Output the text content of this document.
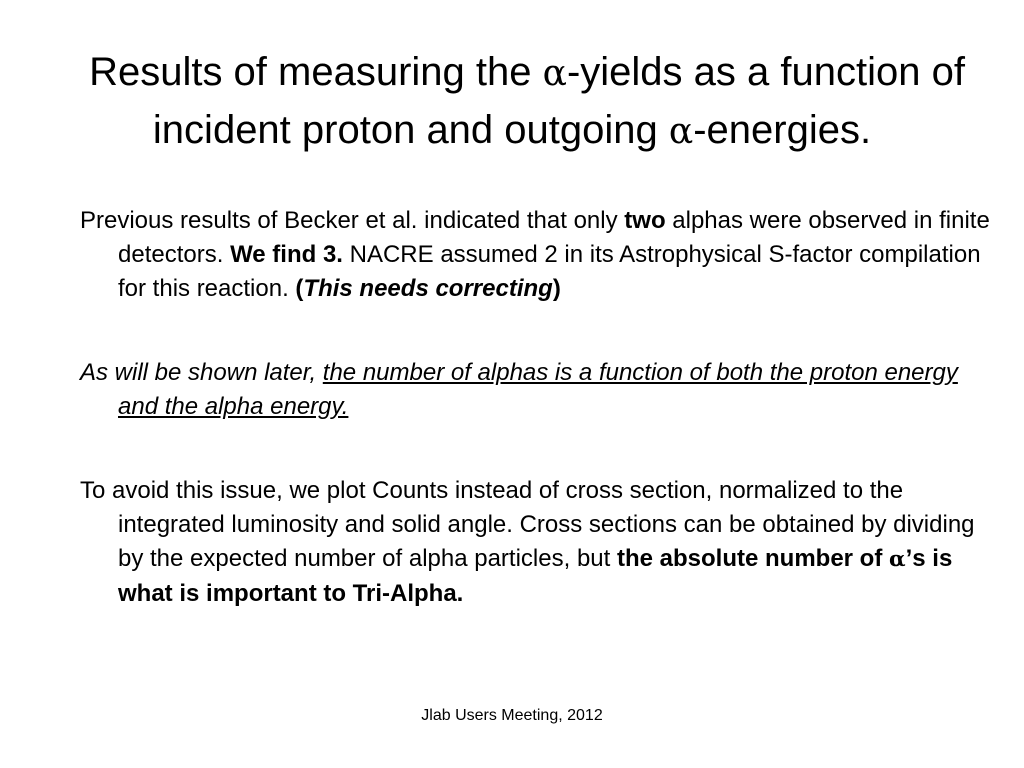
Results of measuring the α-yields as a function of
incident proton and outgoing α-energies.

Previous results of Becker et al. indicated that only two alphas were observed in finite detectors. We find 3. NACRE assumed 2 in its Astrophysical S-factor compilation for this reaction. (This needs correcting)

As will be shown later, the number of alphas is a function of both the proton energy and the alpha energy.

To avoid this issue, we plot Counts instead of cross section, normalized to the integrated luminosity and solid angle. Cross sections can be obtained by dividing by the expected number of alpha particles, but the absolute number of α’s is what is important to Tri-Alpha.

Jlab Users Meeting, 2012
